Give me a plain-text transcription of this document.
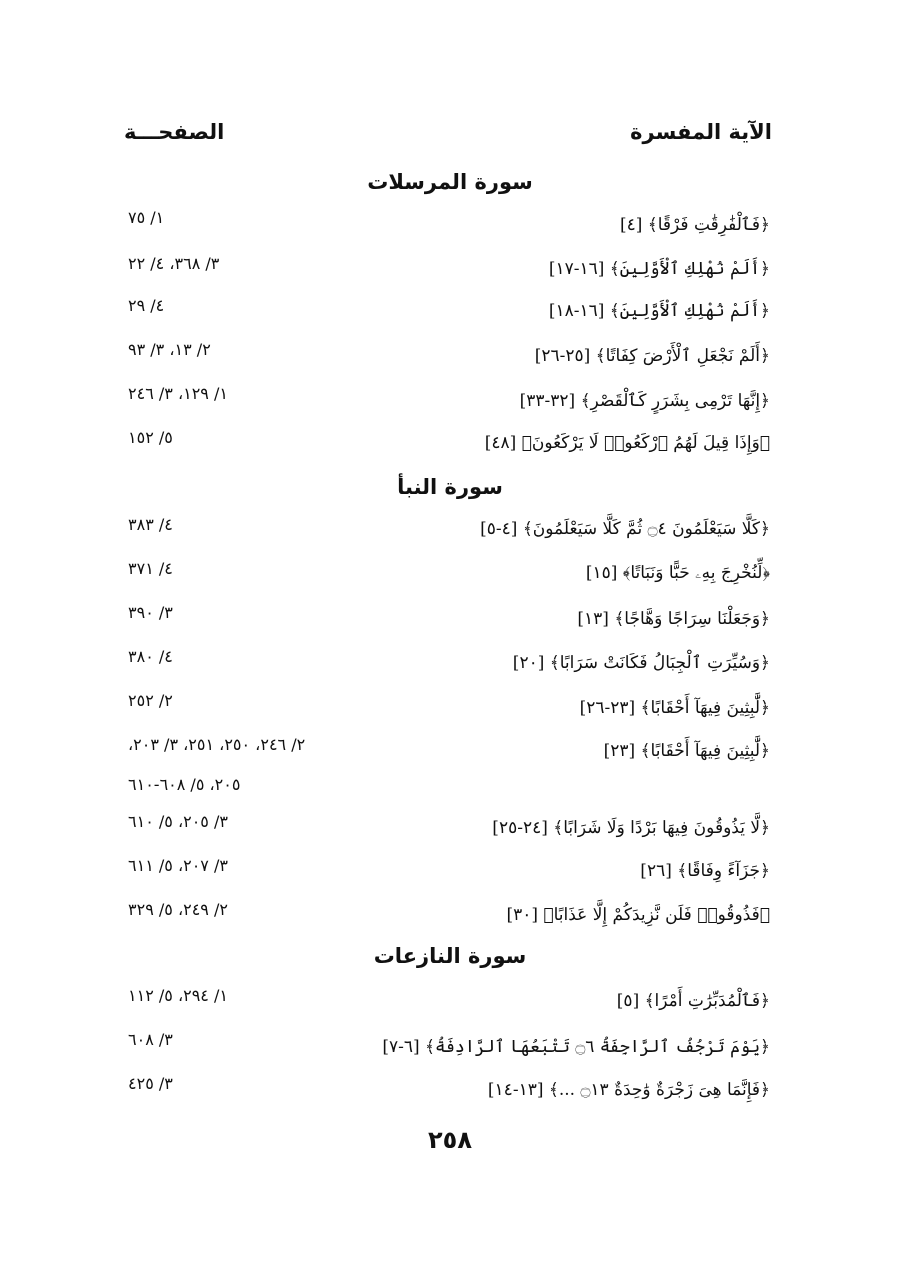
الآية المفسرة
الصفحـــة
سورة المرسلات
﴿فَٱلْفَٰرِقَٰتِ فَرْقًا﴾ [٤]
١/ ٧٥
﴿أَلَمْ نُهْلِكِ ٱلْأَوَّلِينَ﴾ [١٦-١٧]
٣/ ٣٦٨، ٤/ ٢٢
﴿أَلَمْ نُهْلِكِ ٱلْأَوَّلِينَ﴾ [١٦-١٨]
٤/ ٢٩
﴿أَلَمْ نَجْعَلِ ٱلْأَرْضَ كِفَاتًا﴾ [٢٥-٢٦]
٢/ ١٣، ٣/ ٩٣
﴿إِنَّهَا تَرْمِى بِشَرَرٍ كَٱلْقَصْرِ﴾ [٣٢-٣٣]
١/ ١٢٩، ٣/ ٢٤٦
﴿وَإِذَا قِيلَ لَهُمُ ٱرْكَعُوا۟ لَا يَرْكَعُونَ﴾ [٤٨]
٥/ ١٥٢
سورة النبأ
﴿كَلَّا سَيَعْلَمُونَ ۝٤ ثُمَّ كَلَّا سَيَعْلَمُونَ﴾ [٤-٥]
٤/ ٣٨٣
﴿لِّنُخْرِجَ بِهِۦ حَبًّا وَنَبَاتًا﴾ [١٥]
٤/ ٣٧١
﴿وَجَعَلْنَا سِرَاجًا وَهَّاجًا﴾ [١٣]
٣/ ٣٩٠
﴿وَسُيِّرَتِ ٱلْجِبَالُ فَكَانَتْ سَرَابًا﴾ [٢٠]
٤/ ٣٨٠
﴿لَّٰبِثِينَ فِيهَآ أَحْقَابًا﴾ [٢٣-٢٦]
٢/ ٢٥٢
﴿لَّٰبِثِينَ فِيهَآ أَحْقَابًا﴾ [٢٣]
٢/ ٢٤٦، ٢٥٠، ٢٥١، ٣/ ٢٠٣،
٢٠٥، ٥/ ٦٠٨-٦١٠
﴿لَّا يَذُوقُونَ فِيهَا بَرْدًا وَلَا شَرَابًا﴾ [٢٤-٢٥]
٣/ ٢٠٥، ٥/ ٦١٠
﴿جَزَآءً وِفَاقًا﴾ [٢٦]
٣/ ٢٠٧، ٥/ ٦١١
﴿فَذُوقُوا۟ فَلَن نَّزِيدَكُمْ إِلَّا عَذَابًا﴾ [٣٠]
٢/ ٢٤٩، ٥/ ٣٢٩
سورة النازعات
﴿فَٱلْمُدَبِّرَٰتِ أَمْرًا﴾ [٥]
١/ ٢٩٤، ٥/ ١١٢
﴿يَوْمَ تَرْجُفُ ٱلرَّاجِفَةُ ۝٦ تَتْبَعُهَا ٱلرَّادِفَةُ﴾ [٦-٧]
٣/ ٦٠٨
﴿فَإِنَّمَا هِىَ زَجْرَةٌ وَٰحِدَةٌ ۝١٣ ...﴾ [١٣-١٤]
٣/ ٤٢٥
٢٥٨
